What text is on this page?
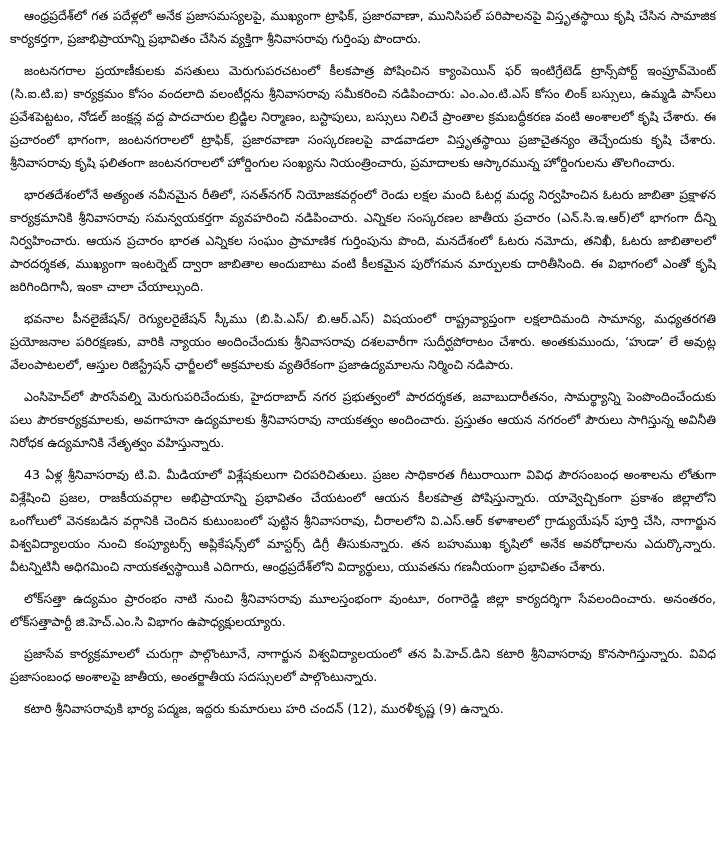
ఆంధ్రప్రదేశ్‌లో గత పదేళ్లలో అనేక ప్రజాసమస్యలపై, ముఖ్యంగా ట్రాఫిక్, ప్రజారవాణా, మునిసిపల్ పరిపాలనపై విస్తృతస్థాయి కృషి చేసిన సామాజిక కార్యకర్తగా, ప్రజాభిప్రాయాన్ని ప్రభావితం చేసిన వ్యక్తిగా శ్రీనివాసరావు గుర్తింపు పొందారు.

జంటనగరాల ప్రయాణీకులకు వసతులు మెరుగుపరచటంలో కీలకపాత్ర పోషించిన క్యాంపెయిన్ ఫర్ ఇంటిగ్రేటెడ్ ట్రాన్స్‌పోర్ట్ ఇంప్రూవ్‌మెంట్ (సి.ఐ.టి.ఐ) కార్యక్రమం కోసం వందలాది వలంటీర్లను శ్రీనివాసరావు సమీకరించి నడిపించారు: ఎం.ఎం.టి.ఎస్ కోసం లింక్ బస్సులు, ఉమ్మడి పాస్‌లు ప్రవేశపెట్టటం, నోడల్ జంక్షన్ల వద్ద పాదచారుల బ్రిడ్జిల నిర్మాణం, బస్టాపులు, బస్సులు నిలిచే ప్రాంతాల క్రమబద్ధీకరణ వంటి అంశాలలో కృషి చేశారు. ఈ ప్రచారంలో భాగంగా, జంటనగరాలలో ట్రాఫిక్, ప్రజారవాణా సంస్కరణలపై వాడవాడలా విస్తృతస్థాయి ప్రజాచైతన్యం తెచ్చేందుకు కృషి చేశారు. శ్రీనివాసరావు కృషి ఫలితంగా జంటనగరాలలో హోర్డింగుల సంఖ్యను నియంత్రించారు, ప్రమాదాలకు ఆస్కారమున్న హోర్డింగులను తొలగించారు.

భారతదేశంలోనే అత్యంత నవీనమైన రీతిలో, సనత్‌నగర్ నియోజకవర్గంలో రెండు లక్షల మంది ఓటర్ల మధ్య నిర్వహించిన ఓటరు జాబితా ప్రక్షాళన కార్యక్రమానికి శ్రీనివాసరావు సమన్వయకర్తగా వ్యవహరించి నడిపించారు. ఎన్నికల సంస్కరణల జాతీయ ప్రచారం (ఎన్.సి.ఇ.ఆర్)లో భాగంగా దీన్ని నిర్వహించారు. ఆయన ప్రచారం భారత ఎన్నికల సంఘం ప్రామాణిక గుర్తింపును పొంది, మనదేశంలో ఓటరు నమోదు, తనిఖీ, ఓటరు జాబితాలలో పారదర్శకత, ముఖ్యంగా ఇంటర్నెట్ ద్వారా జాబితాల అందుబాటు వంటి కీలకమైన పురోగమన మార్పులకు దారితీసింది. ఈ విభాగంలో ఎంతో కృషి జరిగిందిగానీ, ఇంకా చాలా చేయాల్సుంది.

భవనాల పీనలైజేషన్/ రెగ్యులరైజేషన్ స్కీము (బి.పి.ఎస్/ బి.ఆర్.ఎస్) విషయంలో రాష్ట్రవ్యాప్తంగా లక్షలాదిమంది సామాన్య, మధ్యతరగతి ప్రయోజనాల పరిరక్షణకు, వారికి న్యాయం అందించేందుకు శ్రీనివాసరావు దశలవారీగా సుదీర్ఘపోరాటం చేశారు. అంతకుముందు, ‘హుడా’ లే అవుట్ల వేలంపాటలలో, ఆస్తుల రిజిస్ట్రేషన్ ఛార్జీలలో అక్రమాలకు వ్యతిరేకంగా ప్రజాఉద్యమాలను నిర్మించి నడిపారు.

ఎంసిహెచ్‌లో పౌరసేవల్ని మెరుగుపరిచేందుకు, హైదరాబాద్ నగర ప్రభుత్వంలో పారదర్శకత, జవాబుదారీతనం, సామర్థ్యాన్ని పెంపొందించేందుకు పలు పౌరకార్యక్రమాలకు, అవగాహనా ఉద్యమాలకు శ్రీనివాసరావు నాయకత్వం అందించారు. ప్రస్తుతం ఆయన నగరంలో పౌరులు సాగిస్తున్న అవినీతి నిరోధక ఉద్యమానికి నేతృత్వం వహిస్తున్నారు.

43 ఏళ్ల శ్రీనివాసరావు టి.వి. మీడియాలో విశ్లేషకులుగా చిరపరిచితులు. ప్రజల సాధికారత గీటురాయిగా వివిధ పౌరసంబంధ అంశాలను లోతుగా విశ్లేషించి ప్రజల, రాజకీయవర్గాల అభిప్రాయాన్ని ప్రభావితం చేయటంలో ఆయన కీలకపాత్ర పోషిస్తున్నారు. యావ్వెచ్చికంగా ప్రకాశం జిల్లాలోని ఒంగోలులో వెనకబడిన వర్గానికి చెందిన కుటుంబంలో పుట్టిన శ్రీనివాసరావు, చీరాలలోని వి.ఎస్.ఆర్ కళాశాలలో గ్రాడ్యుయేషన్ పూర్తి చేసి, నాగార్జున విశ్వవిద్యాలయం నుంచి కంప్యూటర్స్ అప్లికేషన్స్‌లో మాస్టర్స్ డిగ్రీ తీసుకున్నారు. తన బహుముఖ కృషిలో అనేక అవరోధాలను ఎదుర్కొన్నారు. వీటన్నిటినీ అధిగమించి నాయకత్వస్థాయికి ఎదిగారు, ఆంధ్రప్రదేశ్‌లోని విద్యార్థులు, యువతను గణనీయంగా ప్రభావితం చేశారు.

లోక్‌సత్తా ఉద్యమం ప్రారంభం నాటి నుంచి శ్రీనివాసరావు మూలస్తంభంగా వుంటూ, రంగారెడ్డి జిల్లా కార్యదర్శిగా సేవలందించారు. అనంతరం, లోక్‌సత్తాపార్టీ జి.హెచ్.ఎం.సి విభాగం ఉపాధ్యక్షులయ్యారు.

ప్రజాసేవ కార్యక్రమాలలో చురుగ్గా పాల్గొంటూనే, నాగార్జున విశ్వవిద్యాలయంలో తన పి.హెచ్.డిని కటారి శ్రీనివాసరావు కొనసాగిస్తున్నారు. వివిధ ప్రజాసంబంధ అంశాలపై జాతీయ, అంతర్జాతీయ సదస్సులలో పాల్గొంటున్నారు.

కటారి శ్రీనివాసరావుకి భార్య పద్మజ, ఇద్దరు కుమారులు హరి చందన్ (12), మురళీకృష్ణ (9) ఉన్నారు.
